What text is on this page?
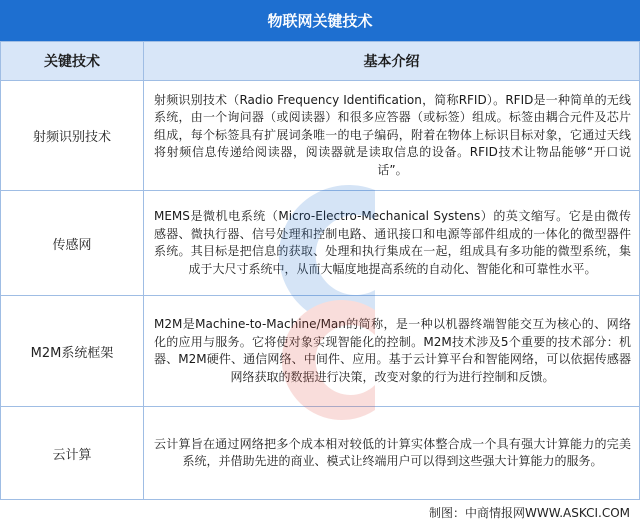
物联网关键技术
关键技术	基本介绍
射频识别技术	射频识别技术（Radio Frequency Identification，简称RFID）。RFID是一种简单的无线系统，由一个询问器（或阅读器）和很多应答器（或标签）组成。标签由耦合元件及芯片组成，每个标签具有扩展词条唯一的电子编码，附着在物体上标识目标对象，它通过天线将射频信息传递给阅读器，阅读器就是读取信息的设备。RFID技术让物品能够“开口说话”。
传感网	MEMS是微机电系统（Micro-Electro-Mechanical Systens）的英文缩写。它是由微传感器、微执行器、信号处理和控制电路、通讯接口和电源等部件组成的一体化的微型器件系统。其目标是把信息的获取、处理和执行集成在一起，组成具有多功能的微型系统，集成于大尺寸系统中，从而大幅度地提高系统的自动化、智能化和可靠性水平。
M2M系统框架	M2M是Machine-to-Machine/Man的简称，是一种以机器终端智能交互为核心的、网络化的应用与服务。它将使对象实现智能化的控制。M2M技术涉及5个重要的技术部分：机器、M2M硬件、通信网络、中间件、应用。基于云计算平台和智能网络，可以依据传感器网络获取的数据进行决策，改变对象的行为进行控制和反馈。
云计算	云计算旨在通过网络把多个成本相对较低的计算实体整合成一个具有强大计算能力的完美系统，并借助先进的商业、模式让终端用户可以得到这些强大计算能力的服务。
制图：中商情报网WWW.ASKCI.COM
